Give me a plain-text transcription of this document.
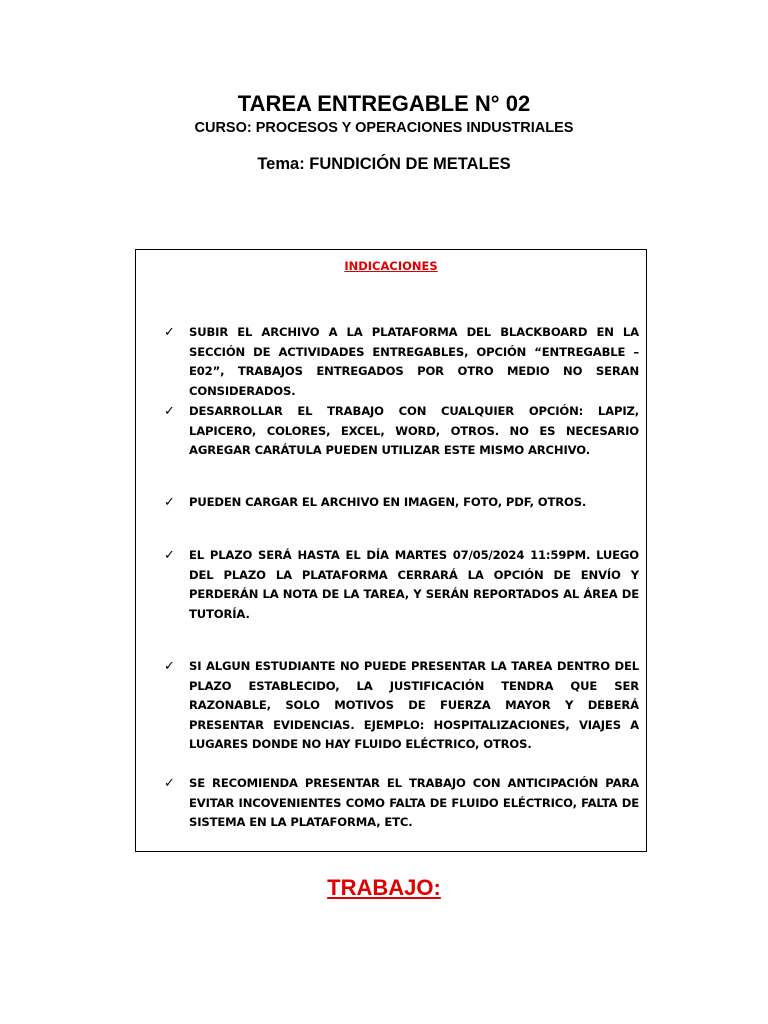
TAREA ENTREGABLE N° 02
CURSO: PROCESOS Y OPERACIONES INDUSTRIALES
Tema: FUNDICIÓN DE METALES
INDICACIONES
✓	SUBIR EL ARCHIVO A LA PLATAFORMA DEL BLACKBOARD EN LA SECCIÓN DE ACTIVIDADES ENTREGABLES, OPCIÓN “ENTREGABLE – E02”, TRABAJOS ENTREGADOS POR OTRO MEDIO NO SERAN CONSIDERADOS.
✓	DESARROLLAR EL TRABAJO CON CUALQUIER OPCIÓN: LAPIZ, LAPICERO, COLORES, EXCEL, WORD, OTROS. NO ES NECESARIO AGREGAR CARÁTULA PUEDEN UTILIZAR ESTE MISMO ARCHIVO.
✓	PUEDEN CARGAR EL ARCHIVO EN IMAGEN, FOTO, PDF, OTROS.
✓	EL PLAZO SERÁ HASTA EL DÍA MARTES 07/05/2024 11:59PM. LUEGO DEL PLAZO LA PLATAFORMA CERRARÁ LA OPCIÓN DE ENVÍO Y PERDERÁN LA NOTA DE LA TAREA, Y SERÁN REPORTADOS AL ÁREA DE TUTORÍA.
✓	SI ALGUN ESTUDIANTE NO PUEDE PRESENTAR LA TAREA DENTRO DEL PLAZO ESTABLECIDO, LA JUSTIFICACIÓN TENDRA QUE SER RAZONABLE, SOLO MOTIVOS DE FUERZA MAYOR Y DEBERÁ PRESENTAR EVIDENCIAS. EJEMPLO: HOSPITALIZACIONES, VIAJES A LUGARES DONDE NO HAY FLUIDO ELÉCTRICO, OTROS.
✓	SE RECOMIENDA PRESENTAR EL TRABAJO CON ANTICIPACIÓN PARA EVITAR INCOVENIENTES COMO FALTA DE FLUIDO ELÉCTRICO, FALTA DE SISTEMA EN LA PLATAFORMA, ETC.
TRABAJO:
